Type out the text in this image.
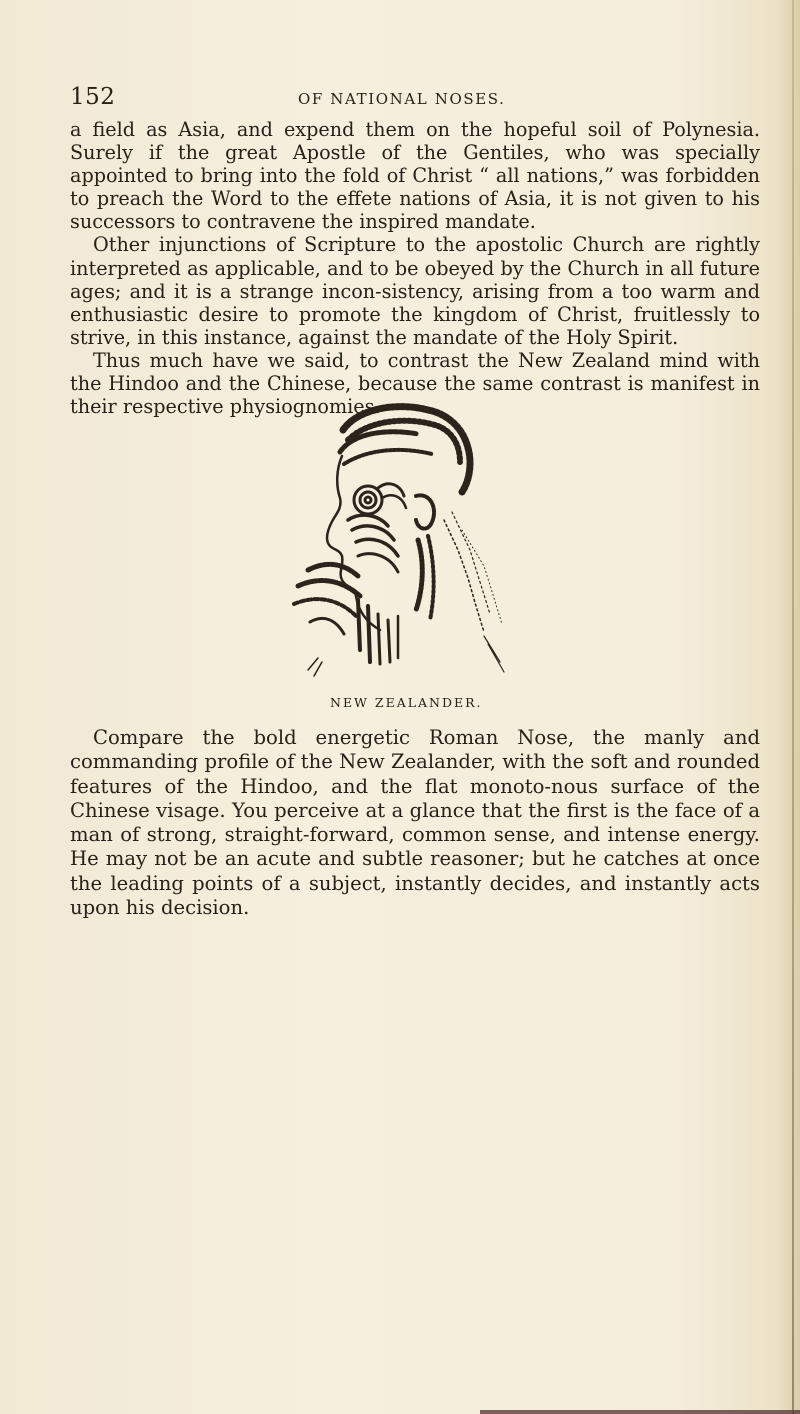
152	OF NATIONAL NOSES.

a field as Asia, and expend them on the hopeful soil of Polynesia. Surely if the great Apostle of the Gentiles, who was specially appointed to bring into the fold of Christ “ all nations,” was forbidden to preach the Word to the effete nations of Asia, it is not given to his successors to contravene the inspired mandate.

Other injunctions of Scripture to the apostolic Church are rightly interpreted as applicable, and to be obeyed by the Church in all future ages; and it is a strange incon-sistency, arising from a too warm and enthusiastic desire to promote the kingdom of Christ, fruitlessly to strive, in this instance, against the mandate of the Holy Spirit.

Thus much have we said, to contrast the New Zealand mind with the Hindoo and the Chinese, because the same contrast is manifest in their respective physiognomies.

NEW ZEALANDER.

Compare the bold energetic Roman Nose, the manly and commanding profile of the New Zealander, with the soft and rounded features of the Hindoo, and the flat monoto-nous surface of the Chinese visage. You perceive at a glance that the first is the face of a man of strong, straight-forward, common sense, and intense energy. He may not be an acute and subtle reasoner; but he catches at once the leading points of a subject, instantly decides, and instantly acts upon his decision.
